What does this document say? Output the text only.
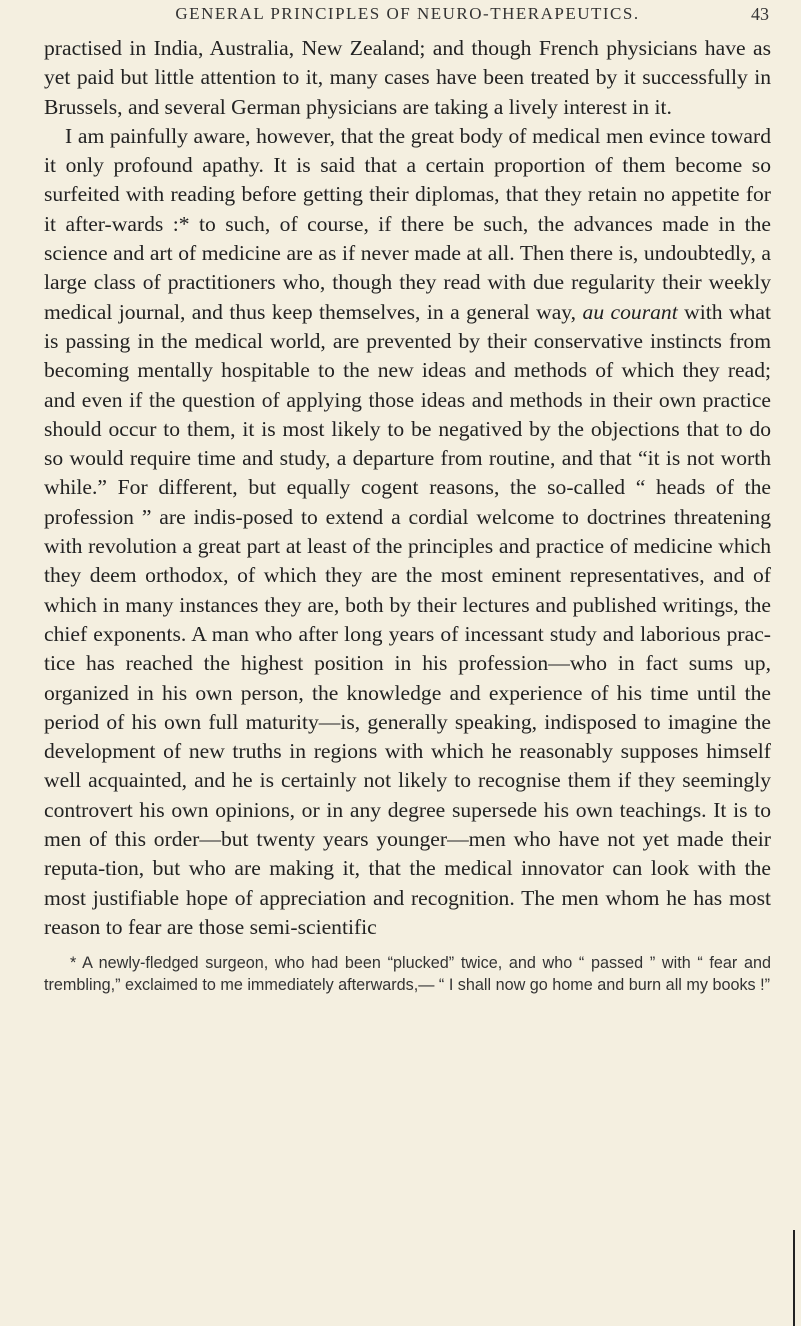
GENERAL PRINCIPLES OF NEURO-THERAPEUTICS.	43

practised in India, Australia, New Zealand; and though French physicians have as yet paid but little attention to it, many cases have been treated by it successfully in Brussels, and several German physicians are taking a lively interest in it.

I am painfully aware, however, that the great body of medical men evince toward it only profound apathy. It is said that a certain proportion of them become so surfeited with reading before getting their diplomas, that they retain no appetite for it after-wards :* to such, of course, if there be such, the advances made in the science and art of medicine are as if never made at all. Then there is, undoubtedly, a large class of practitioners who, though they read with due regularity their weekly medical journal, and thus keep themselves, in a general way, au courant with what is passing in the medical world, are prevented by their conservative instincts from becoming mentally hospitable to the new ideas and methods of which they read; and even if the question of applying those ideas and methods in their own practice should occur to them, it is most likely to be negatived by the objections that to do so would require time and study, a departure from routine, and that “it is not worth while.” For different, but equally cogent reasons, the so-called “ heads of the profession ” are indis-posed to extend a cordial welcome to doctrines threatening with revolution a great part at least of the principles and practice of medicine which they deem orthodox, of which they are the most eminent representatives, and of which in many instances they are, both by their lectures and published writings, the chief exponents. A man who after long years of incessant study and laborious prac-tice has reached the highest position in his profession—who in fact sums up, organized in his own person, the knowledge and experience of his time until the period of his own full maturity—is, generally speaking, indisposed to imagine the development of new truths in regions with which he reasonably supposes himself well acquainted, and he is certainly not likely to recognise them if they seemingly controvert his own opinions, or in any degree supersede his own teachings. It is to men of this order—but twenty years younger—men who have not yet made their reputa-tion, but who are making it, that the medical innovator can look with the most justifiable hope of appreciation and recognition. The men whom he has most reason to fear are those semi-scientific

* A newly-fledged surgeon, who had been “plucked” twice, and who “ passed ” with “ fear and trembling,” exclaimed to me immediately afterwards,— “ I shall now go home and burn all my books !”
